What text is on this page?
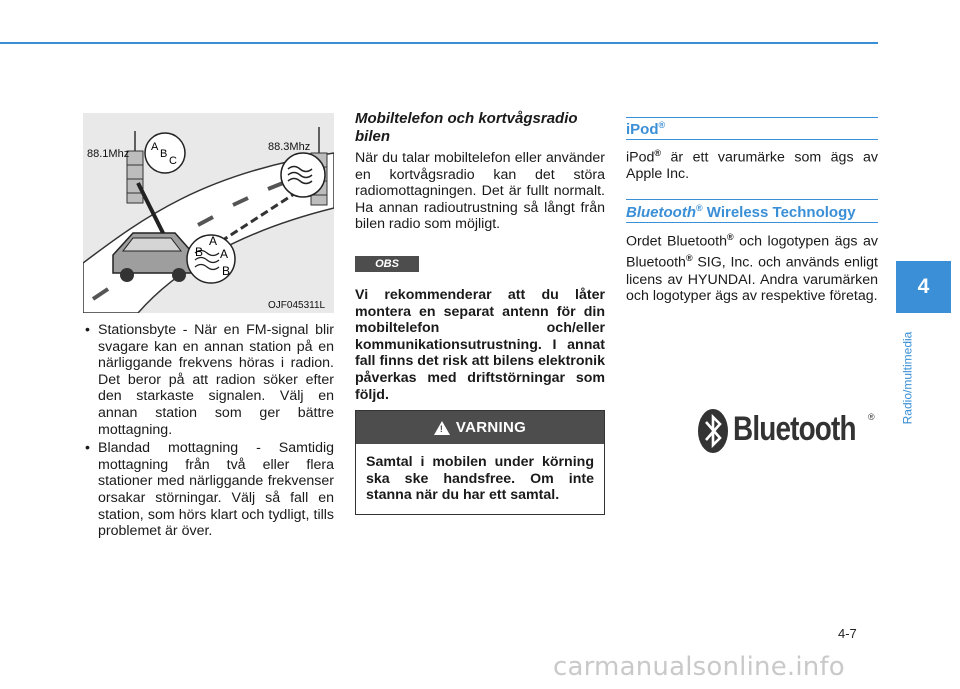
A
B
C
A
B A
B
88.1Mhz
88.3Mhz
OJF045311L
• Stationsbyte - När en FM-signal blir svagare kan en annan station på en närliggande frekvens höras i radion. Det beror på att radion söker efter den starkaste signalen. Välj en annan station som ger bättre mottagning.
• Blandad mottagning - Samtidig mottagning från två eller flera stationer med närliggande frekvenser orsakar störningar. Välj så fall en station, som hörs klart och tydligt, tills problemet är över.
Mobiltelefon och kortvågsradio bilen

När du talar mobiltelefon eller använder en kortvågsradio kan det störa radiomottagningen. Det är fullt normalt. Ha annan radioutrustning så långt från bilen radio som möjligt.

OBS

Vi rekommenderar att du låter montera en separat antenn för din mobiltelefon och/eller kommunikationsutrustning. I annat fall finns det risk att bilens elektronik påverkas med driftstörningar som följd.

! VARNING
Samtal i mobilen under körning ska ske handsfree. Om inte stanna när du har ett samtal.
iPod®

iPod® är ett varumärke som ägs av Apple Inc.

Bluetooth® Wireless Technology

Ordet Bluetooth® och logotypen ägs av Bluetooth® SIG, Inc. och används enligt licens av HYUNDAI. Andra varumärken och logotyper ägs av respektive företag.

Bluetooth ®
4
Radio/multimedia
4-7
carmanualsonline.info
